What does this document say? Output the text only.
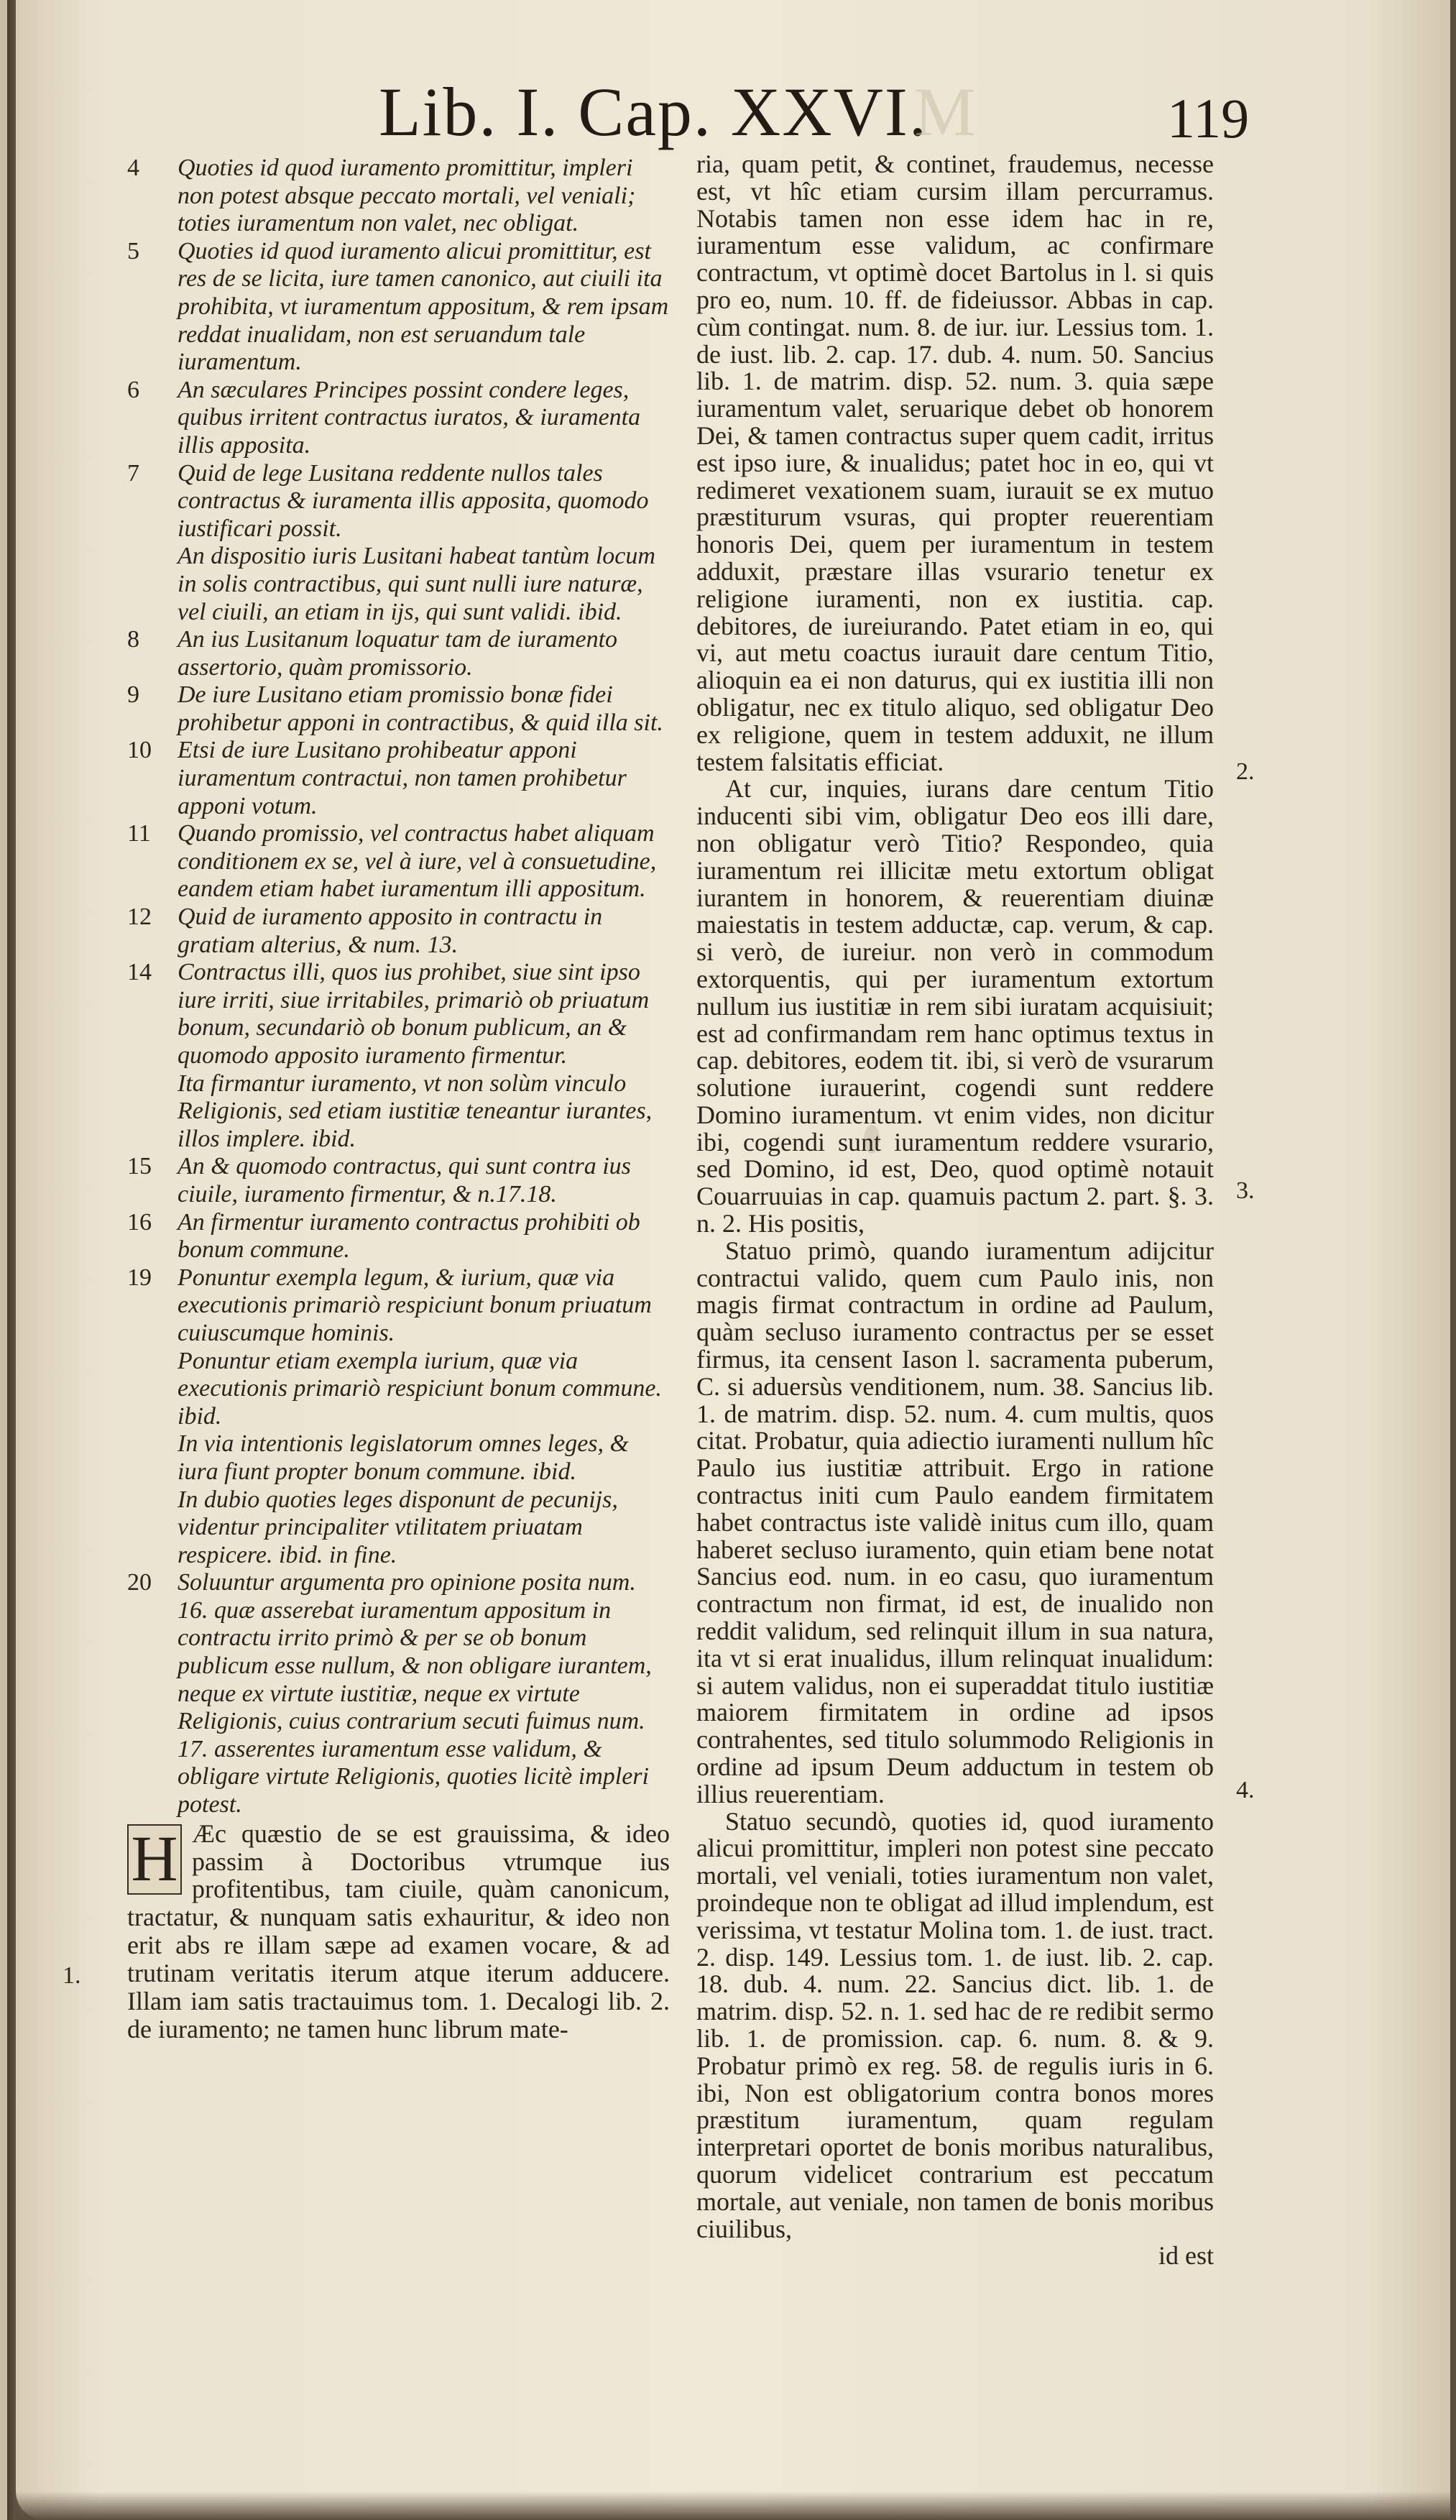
Lib. I. Cap. XXVI.
M	119
4	Quoties id quod iuramento promittitur, impleri non potest absque peccato mortali, vel veniali; toties iuramentum non valet, nec obligat.
5	Quoties id quod iuramento alicui promittitur, est res de se licita, iure tamen canonico, aut ciuili ita prohibita, vt iuramentum appositum, & rem ipsam reddat inualidam, non est seruandum tale iuramentum.
6	An sæculares Principes possint condere leges, quibus irritent contractus iuratos, & iuramenta illis apposita.
7	Quid de lege Lusitana reddente nullos tales contractus & iuramenta illis apposita, quomodo iustificari possit.
An dispositio iuris Lusitani habeat tantùm locum in solis contractibus, qui sunt nulli iure naturæ, vel ciuili, an etiam in ijs, qui sunt validi. ibid.
8	An ius Lusitanum loquatur tam de iuramento assertorio, quàm promissorio.
9	De iure Lusitano etiam promissio bonæ fidei prohibetur apponi in contractibus, & quid illa sit.
10	Etsi de iure Lusitano prohibeatur apponi iuramentum contractui, non tamen prohibetur apponi votum.
11	Quando promissio, vel contractus habet aliquam conditionem ex se, vel à iure, vel à consuetudine, eandem etiam habet iuramentum illi appositum.
12	Quid de iuramento apposito in contractu in gratiam alterius, & num. 13.
14	Contractus illi, quos ius prohibet, siue sint ipso iure irriti, siue irritabiles, primariò ob priuatum bonum, secundariò ob bonum publicum, an & quomodo apposito iuramento firmentur.
Ita firmantur iuramento, vt non solùm vinculo Religionis, sed etiam iustitiæ teneantur iurantes, illos implere. ibid.
15	An & quomodo contractus, qui sunt contra ius ciuile, iuramento firmentur, & n.17.18.
16	An firmentur iuramento contractus prohibiti ob bonum commune.
19	Ponuntur exempla legum, & iurium, quæ via executionis primariò respiciunt bonum priuatum cuiuscumque hominis.
Ponuntur etiam exempla iurium, quæ via executionis primariò respiciunt bonum commune. ibid.
In via intentionis legislatorum omnes leges, & iura fiunt propter bonum commune. ibid.
In dubio quoties leges disponunt de pecunijs, videntur principaliter vtilitatem priuatam respicere. ibid. in fine.
20	Soluuntur argumenta pro opinione posita num. 16. quæ asserebat iuramentum appositum in contractu irrito primò & per se ob bonum publicum esse nullum, & non obligare iurantem, neque ex virtute iustitiæ, neque ex virtute Religionis, cuius contrarium secuti fuimus num. 17. asserentes iuramentum esse validum, & obligare virtute Religionis, quoties licitè impleri potest.
H Æc quæstio de se est grauissima, & ideo passim à Doctoribus vtrumque ius profitentibus, tam ciuile, quàm canonicum, tractatur, & nunquam satis exhauritur, & ideo non erit abs re illam sæpe ad examen vocare, & ad trutinam veritatis iterum atque iterum adducere. Illam iam satis tractauimus tom. 1. Decalogi lib. 2. de iuramento; ne tamen hunc librum mate-
1.

ria, quam petit, & continet, fraudemus, necesse est, vt hîc etiam cursim illam percurramus. Notabis tamen non esse idem hac in re, iuramentum esse validum, ac confirmare contractum, vt optimè docet Bartolus in l. si quis pro eo, num. 10. ff. de fideiussor. Abbas in cap. cùm contingat. num. 8. de iur. iur. Lessius tom. 1. de iust. lib. 2. cap. 17. dub. 4. num. 50. Sancius lib. 1. de matrim. disp. 52. num. 3. quia sæpe iuramentum valet, seruarique debet ob honorem Dei, & tamen contractus super quem cadit, irritus est ipso iure, & inualidus; patet hoc in eo, qui vt redimeret vexationem suam, iurauit se ex mutuo præstiturum vsuras, qui propter reuerentiam honoris Dei, quem per iuramentum in testem adduxit, præstare illas vsurario tenetur ex religione iuramenti, non ex iustitia. cap. debitores, de iureiurando. Patet etiam in eo, qui vi, aut metu coactus iurauit dare centum Titio, alioquin ea ei non daturus, qui ex iustitia illi non obligatur, nec ex titulo aliquo, sed obligatur Deo ex religione, quem in testem adduxit, ne illum testem falsitatis efficiat.

At cur, inquies, iurans dare centum Titio inducenti sibi vim, obligatur Deo eos illi dare, non obligatur verò Titio? Respondeo, quia iuramentum rei illicitæ metu extortum obligat iurantem in honorem, & reuerentiam diuinæ maiestatis in testem adductæ, cap. verum, & cap. si verò, de iureiur. non verò in commodum extorquentis, qui per iuramentum extortum nullum ius iustitiæ in rem sibi iuratam acquisiuit; est ad confirmandam rem hanc optimus textus in cap. debitores, eodem tit. ibi, si verò de vsurarum solutione iurauerint, cogendi sunt reddere Domino iuramentum. vt enim vides, non dicitur ibi, cogendi sunt iuramentum reddere vsurario, sed Domino, id est, Deo, quod optimè notauit Couarruuias in cap. quamuis pactum 2. part. §. 3. n. 2. His positis,

Statuo primò, quando iuramentum adijcitur contractui valido, quem cum Paulo inis, non magis firmat contractum in ordine ad Paulum, quàm secluso iuramento contractus per se esset firmus, ita censent Iason l. sacramenta puberum, C. si aduersùs venditionem, num. 38. Sancius lib. 1. de matrim. disp. 52. num. 4. cum multis, quos citat. Probatur, quia adiectio iuramenti nullum hîc Paulo ius iustitiæ attribuit. Ergo in ratione contractus initi cum Paulo eandem firmitatem habet contractus iste validè initus cum illo, quam haberet secluso iuramento, quin etiam bene notat Sancius eod. num. in eo casu, quo iuramentum contractum non firmat, id est, de inualido non reddit validum, sed relinquit illum in sua natura, ita vt si erat inualidus, illum relinquat inualidum: si autem validus, non ei superaddat titulo iustitiæ maiorem firmitatem in ordine ad ipsos contrahentes, sed titulo solummodo Religionis in ordine ad ipsum Deum adductum in testem ob illius reuerentiam.

Statuo secundò, quoties id, quod iuramento alicui promittitur, impleri non potest sine peccato mortali, vel veniali, toties iuramentum non valet, proindeque non te obligat ad illud implendum, est verissima, vt testatur Molina tom. 1. de iust. tract. 2. disp. 149. Lessius tom. 1. de iust. lib. 2. cap. 18. dub. 4. num. 22. Sancius dict. lib. 1. de matrim. disp. 52. n. 1. sed hac de re redibit sermo lib. 1. de promission. cap. 6. num. 8. & 9. Probatur primò ex reg. 58. de regulis iuris in 6. ibi, Non est obligatorium contra bonos mores præstitum iuramentum, quam regulam interpretari oportet de bonis moribus naturalibus, quorum videlicet contrarium est peccatum mortale, aut veniale, non tamen de bonis moribus ciuilibus,

id est
2.
3.
4.
